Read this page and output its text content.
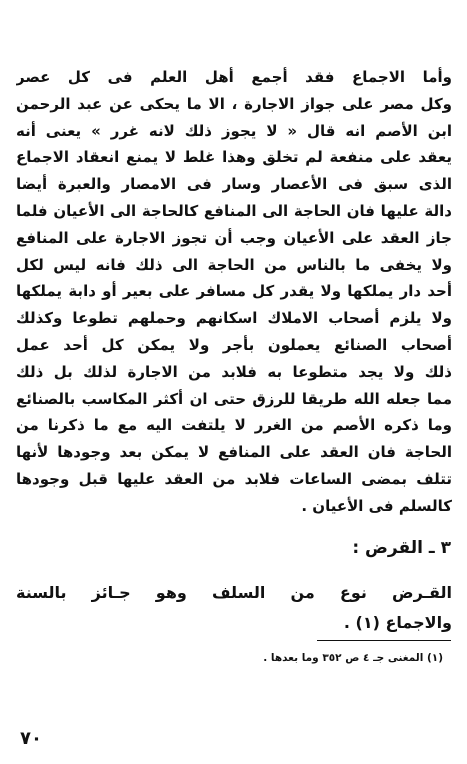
وأما الاجماع فقد أجمع أهل العلم فى كل عصر
وكل مصر على جواز الاجارة ، الا ما يحكى عن عبد الرحمن
ابن الأصم انه قال « لا يجوز ذلك لانه غرر » يعنى أنه
يعقد على منفعة لم تخلق وهذا غلط لا يمنع انعقاد الاجماع
الذى سبق فى الأعصار وسار فى الامصار والعبرة أيضا
دالة عليها فان الحاجة الى المنافع كالحاجة الى الأعيان فلما
جاز العقد على الأعيان وجب أن تجوز الاجارة على المنافع
ولا يخفى ما بالناس من الحاجة الى ذلك فانه ليس لكل
أحد دار يملكها ولا يقدر كل مسافر على بعير أو دابة يملكها
ولا يلزم أصحاب الاملاك اسكانهم وحملهم تطوعا وكذلك
أصحاب الصنائع يعملون بأجر ولا يمكن كل أحد عمل
ذلك ولا يجد متطوعا به فلابد من الاجارة لذلك بل ذلك
مما جعله الله طريقا للرزق حتى ان أكثر المكاسب بالصنائع
وما ذكره الأصم من الغرر لا يلتفت اليه مع ما ذكرنا من
الحاجة فان العقد على المنافع لا يمكن بعد وجودها لأنها
تتلف بمضى الساعات فلابد من العقد عليها قبل وجودها
كالسلم فى الأعيان .
٣ ـ القرض :
القـرض نوع من السلف وهو جـائز بالسنة
والاجماع (١) .
(١) المغنى جـ ٤ ص ٣٥٢ وما بعدها .
٧٠
